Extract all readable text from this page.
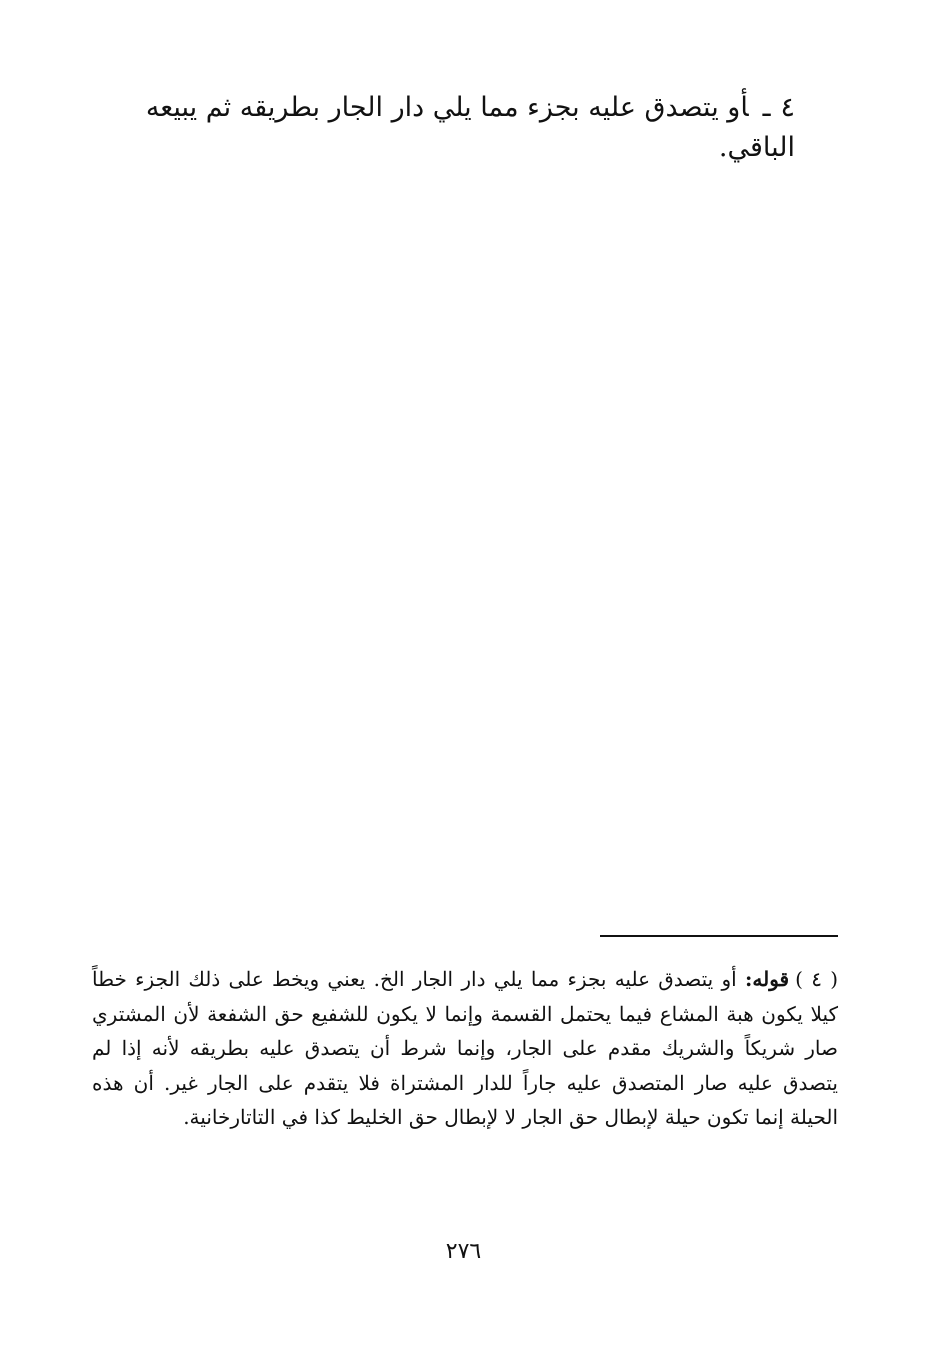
٤ـأو يتصدق عليه بجزء مما يلي دار الجار بطريقه ثم يبيعه الباقي.

( ٤ )قوله: أو يتصدق عليه بجزء مما يلي دار الجار الخ. يعني ويخط على ذلك الجزء خطاً كيلا يكون هبة المشاع فيما يحتمل القسمة وإنما لا يكون للشفيع حق الشفعة لأن المشتري صار شريكاً والشريك مقدم على الجار، وإنما شرط أن يتصدق عليه بطريقه لأنه إذا لم يتصدق عليه صار المتصدق عليه جاراً للدار المشتراة فلا يتقدم على الجار غير. أن هذه الحيلة إنما تكون حيلة لإبطال حق الجار لا لإبطال حق الخليط كذا في التاتارخانية.

٢٧٦
